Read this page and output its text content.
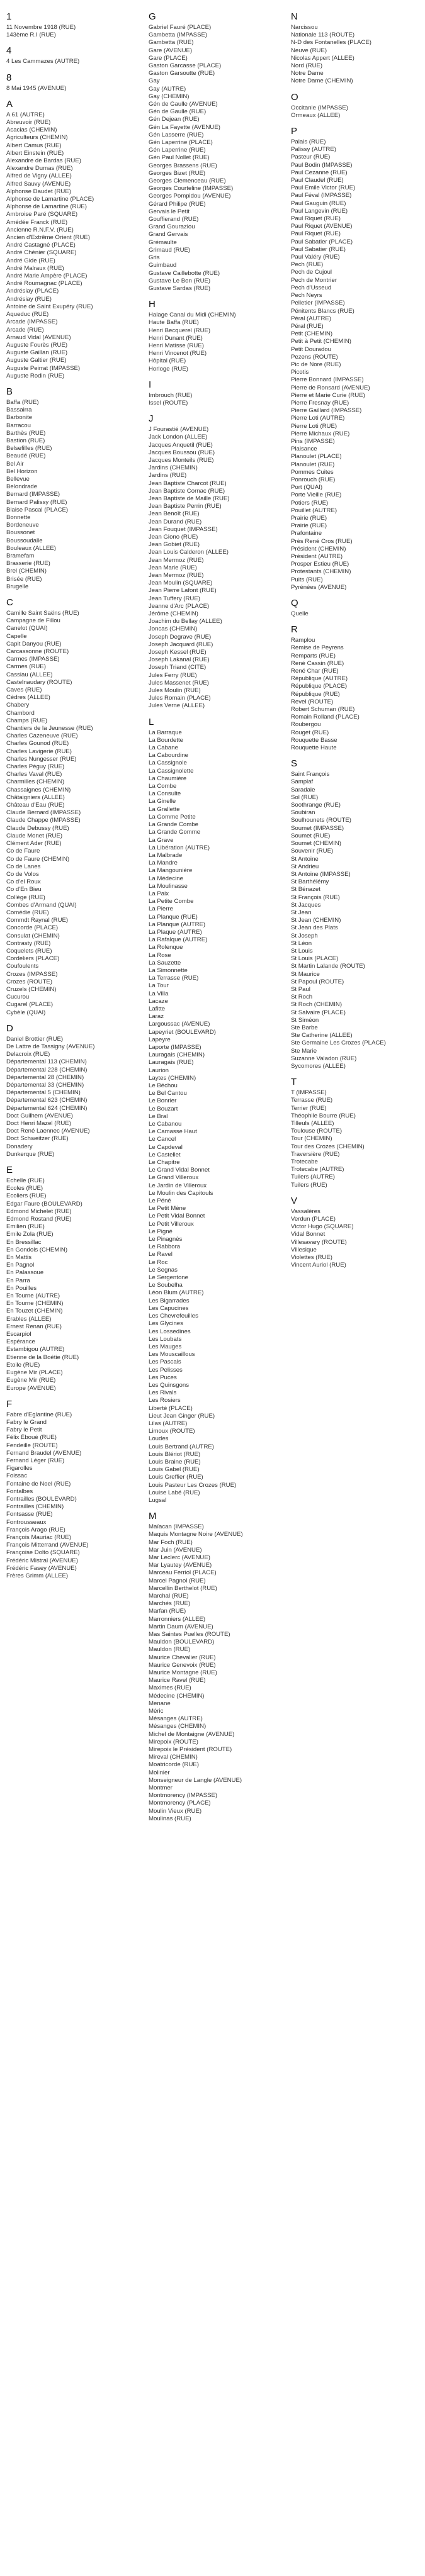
1
11 Novembre 1918 (RUE)
143ème R.I (RUE)
4
4 Les Cammazes (AUTRE)
8
8 Mai 1945 (AVENUE)
A
A 61 (AUTRE)
Abreuvoir (RUE)
Acacias (CHEMIN)
Agriculteurs (CHEMIN)
Albert Camus (RUE)
Albert Einstein (RUE)
Alexandre de Bardas (RUE)
Alexandre Dumas (RUE)
Alfred de Vigny (ALLEE)
Alfred Sauvy (AVENUE)
Alphonse Daudet (RUE)
Alphonse de Lamartine (PLACE)
Alphonse de Lamartine (RUE)
Ambroise Paré (SQUARE)
Amédée Franck (RUE)
Ancienne R.N.F.V. (RUE)
Ancien d'Extrême Orient (RUE)
André Castagné (PLACE)
André Chénier (SQUARE)
André Gide (RUE)
André Malraux (RUE)
André Marie Ampère (PLACE)
André Roumagnac (PLACE)
Andrésiay (PLACE)
Andrésiay (RUE)
Antoine de Saint Exupéry (RUE)
Aqueduc (RUE)
Arcade (IMPASSE)
Arcade (RUE)
Arnaud Vidal (AVENUE)
Auguste Fourès (RUE)
Auguste Gaillan (RUE)
Auguste Galtier (RUE)
Auguste Peirrat (IMPASSE)
Auguste Rodin (RUE)
B
Baffa (RUE)
Bassairra
Barbonite
Barracou
Barthès (RUE)
Bastion (RUE)
Belsefilles (RUE)
Beaudé (RUE)
Bel Air
Bel Horizon
Bellevue
Belondrade
Bernard (IMPASSE)
Bernard Palissy (RUE)
Blaise Pascal (PLACE)
Bonnette
Bordeneuve
Boussonet
Boussoudalle
Bouleaux (ALLEE)
Bramefam
Brasserie (RUE)
Brel (CHEMIN)
Brisée (RUE)
Brugelle
C
Camille Saint Saëns (RUE)
Campagne de Fillou
Canelot (QUAI)
Capelle
Capit Danyou (RUE)
Carcassonne (ROUTE)
Carmes (IMPASSE)
Carmes (RUE)
Cassiau (ALLEE)
Castelnaudary (ROUTE)
Caves (RUE)
Cèdres (ALLEE)
Chabery
Chambord
Champs (RUE)
Chantiers de la Jeunesse (RUE)
Charles Cazeneuve (RUE)
Charles Gounod (RUE)
Charles Lavigerie (RUE)
Charles Nungesser (RUE)
Charles Péguy (RUE)
Charles Vaval (RUE)
Charmilles (CHEMIN)
Chassaignes (CHEMIN)
Châtaigniers (ALLEE)
Château d'Eau (RUE)
Claude Bernard (IMPASSE)
Claude Chappe (IMPASSE)
Claude Debussy (RUE)
Claude Monet (RUE)
Clément Ader (RUE)
Co de Faure
Co de Faure (CHEMIN)
Co de Lanes
Co de Volos
Co d'el Roux
Co d'En Bieu
Collège (RUE)
Combes d'Armand (QUAI)
Comédie (RUE)
Commdt Raynal (RUE)
Concorde (PLACE)
Consulat (CHEMIN)
Contrasty (RUE)
Coquelets (RUE)
Cordeliers (PLACE)
Coufoulents
Crozes (IMPASSE)
Crozes (ROUTE)
Cruzels (CHEMIN)
Cucurou
Cugarel (PLACE)
Cybèle (QUAI)
D
Daniel Brottier (RUE)
De Lattre de Tassigny (AVENUE)
Delacroix (RUE)
Départemental 113 (CHEMIN)
Départemental 228 (CHEMIN)
Départemental 28 (CHEMIN)
Départemental 33 (CHEMIN)
Départemental 5 (CHEMIN)
Départemental 623 (CHEMIN)
Départemental 624 (CHEMIN)
Doct Guilhem (AVENUE)
Doct Henri Mazel (RUE)
Doct René Laennec (AVENUE)
Doct Schweitzer (RUE)
Donadery
Dunkerque (RUE)
E
Echelle (RUE)
Ecoles (RUE)
Ecoliers (RUE)
Edgar Faure (BOULEVARD)
Edmond Michelet (RUE)
Edmond Rostand (RUE)
Emilien (RUE)
Emile Zola (RUE)
En Bressillac
En Gondols (CHEMIN)
En Mattis
En Pagnol
En Palassoue
En Parra
En Pouilles
En Tourne (AUTRE)
En Tourne (CHEMIN)
En Touzet (CHEMIN)
Erables (ALLEE)
Ernest Renan (RUE)
Escarpiol
Espérance
Estambigou (AUTRE)
Etienne de la Boétie (RUE)
Etoile (RUE)
Eugène Mir (PLACE)
Eugène Mir (RUE)
Europe (AVENUE)
F
Fabre d'Eglantine (RUE)
Fabry le Grand
Fabry le Petit
Félix Éboué (RUE)
Fendeille (ROUTE)
Fernand Braudel (AVENUE)
Fernand Léger (RUE)
Figarolles
Foissac
Fontaine de Noel (RUE)
Fontalbes
Fontrailles (BOULEVARD)
Fontrailles (CHEMIN)
Fontsasse (RUE)
Fontrousseaux
François Arago (RUE)
François Mauriac (RUE)
François Mitterrand (AVENUE)
Françoise Dolto (SQUARE)
Frédéric Mistral (AVENUE)
Frédéric Fasey (AVENUE)
Frères Grimm (ALLEE)
G
Gabriel Fauré (PLACE)
Gambetta (IMPASSE)
Gambetta (RUE)
Gare (AVENUE)
Gare (PLACE)
Gaston Garcasse (PLACE)
Gaston Garsoutte (RUE)
Gay
Gay (AUTRE)
Gay (CHEMIN)
Gén de Gaulle (AVENUE)
Gén de Gaulle (RUE)
Gén Dejean (RUE)
Gén La Fayette (AVENUE)
Gén Lasserre (RUE)
Gén Laperrine (PLACE)
Gén Laperrine (RUE)
Gén Paul Nollet (RUE)
Georges Brassens (RUE)
Georges Bizet (RUE)
Georges Clemenceau (RUE)
Georges Courteline (IMPASSE)
Georges Pompidou (AVENUE)
Gérard Philipe (RUE)
Gervais le Petit
Gouffierand (RUE)
Grand Gouraziou
Grand Gervais
Grémaulte
Grimaud (RUE)
Gris
Guimbaud
Gustave Caillebotte (RUE)
Gustave Le Bon (RUE)
Gustave Sardas (RUE)
H
Halage Canal du Midi (CHEMIN)
Haute Baffa (RUE)
Henri Becquerel (RUE)
Henri Dunant (RUE)
Henri Matisse (RUE)
Henri Vincenot (RUE)
Hôpital (RUE)
Horloge (RUE)
I
Imbrouch (RUE)
Issel (ROUTE)
J
J Fourastié (AVENUE)
Jack London (ALLEE)
Jacques Anquetil (RUE)
Jacques Boussou (RUE)
Jacques Monteils (RUE)
Jardins (CHEMIN)
Jardins (RUE)
Jean Baptiste Charcot (RUE)
Jean Baptiste Cornac (RUE)
Jean Baptiste de Maille (RUE)
Jean Baptiste Perrin (RUE)
Jean Benoît (RUE)
Jean Durand (RUE)
Jean Fouquet (IMPASSE)
Jean Giono (RUE)
Jean Gobiet (RUE)
Jean Louis Calderon (ALLEE)
Jean Mermoz (RUE)
Jean Marie (RUE)
Jean Mermoz (RUE)
Jean Moulin (SQUARE)
Jean Pierre Lafont (RUE)
Jean Tuffery (RUE)
Jeanne d'Arc (PLACE)
Jérôme (CHEMIN)
Joachim du Bellay (ALLEE)
Joncas (CHEMIN)
Joseph Degrave (RUE)
Joseph Jacquard (RUE)
Joseph Kessel (RUE)
Joseph Lakanal (RUE)
Joseph Triand (CITE)
Jules Ferry (RUE)
Jules Massenet (RUE)
Jules Moulin (RUE)
Jules Romain (PLACE)
Jules Verne (ALLEE)
L
La Barraque
La Bourdette
La Cabane
La Cabourdine
La Cassignole
La Cassignolette
La Chaumière
La Combe
La Consulte
La Ginelle
La Grallette
La Gomme Petite
La Grande Combe
La Grande Gomme
La Grave
La Libération (AUTRE)
La Malbrade
La Mandre
La Mangounière
La Médecine
La Moulinasse
La Paix
La Petite Combe
La Pierre
La Planque (RUE)
La Planque (AUTRE)
La Plaque (AUTRE)
La Rafalque (AUTRE)
La Rolenque
La Rose
La Sauzette
La Simonnette
La Terrasse (RUE)
La Tour
La Villa
Lacaze
Lafitte
Laraz
Largoussac (AVENUE)
Lapeyriet (BOULEVARD)
Lapeyre
Laporte (IMPASSE)
Lauragais (CHEMIN)
Lauragais (RUE)
Laurion
Laytes (CHEMIN)
Le Béchou
Le Bel Cantou
Le Bonrier
Le Bouzart
Le Bral
Le Cabanou
Le Camasse Haut
Le Cancel
Le Capdeval
Le Castellet
Le Chapitre
Le Grand Vidal Bonnet
Le Grand Villeroux
Le Jardin de Villeroux
Le Moulin des Capitouls
Le Péné
Le Petit Mène
Le Petit Vidal Bonnet
Le Petit Villeroux
Le Pigné
Le Pinagnès
Le Rabbora
Le Ravel
Le Roc
Le Segnas
Le Sergentone
Le Soubelha
Léon Blum (AUTRE)
Les Bigarrades
Les Capucines
Les Chevrefeuilles
Les Glycines
Les Lossedines
Les Loubats
Les Mauges
Les Mouscaillous
Les Pascals
Les Pelisses
Les Puces
Les Quinsgons
Les Rivals
Les Rosiers
Liberté (PLACE)
Lieut Jean Ginger (RUE)
Lilas (AUTRE)
Limoux (ROUTE)
Loudes
Louis Bertrand (AUTRE)
Louis Blériot (RUE)
Louis Braine (RUE)
Louis Gabel (RUE)
Louis Greffier (RUE)
Louis Pasteur Les Crozes (RUE)
Louise Labé (RUE)
Lugsal
M
Maïacan (IMPASSE)
Maquis Montagne Noire (AVENUE)
Mar Foch (RUE)
Mar Juin (AVENUE)
Mar Leclerc (AVENUE)
Mar Lyautey (AVENUE)
Marceau Ferriol (PLACE)
Marcel Pagnol (RUE)
Marcellin Berthelot (RUE)
Marchal (RUE)
Marchés (RUE)
Marfan (RUE)
Marronniers (ALLEE)
Martin Daum (AVENUE)
Mas Saintes Puelles (ROUTE)
Mauldon (BOULEVARD)
Mauldon (RUE)
Maurice Chevalier (RUE)
Maurice Genevoix (RUE)
Maurice Montagne (RUE)
Maurice Ravel (RUE)
Maximes (RUE)
Médecine (CHEMIN)
Menane
Méric
Mésanges (AUTRE)
Mésanges (CHEMIN)
Michel de Montaigne (AVENUE)
Mirepoix (ROUTE)
Mirepoix le Président (ROUTE)
Mireval (CHEMIN)
Moatricorde (RUE)
Molinier
Monseigneur de Langle (AVENUE)
Montmer
Montmorency (IMPASSE)
Montmorency (PLACE)
Moulin Vieux (RUE)
Moulinas (RUE)
N
Narcissou
Nationale 113 (ROUTE)
N-D des Fontanelles (PLACE)
Neuve (RUE)
Nicolas Appert (ALLEE)
Nord (RUE)
Notre Dame
Notre Dame (CHEMIN)
O
Occitanie (IMPASSE)
Ormeaux (ALLEE)
P
Palais (RUE)
Palissy (AUTRE)
Pasteur (RUE)
Paul Bodin (IMPASSE)
Paul Cezanne (RUE)
Paul Claudel (RUE)
Paul Emile Victor (RUE)
Paul Féval (IMPASSE)
Paul Gauguin (RUE)
Paul Langevin (RUE)
Paul Riquet (RUE)
Paul Riquet (AVENUE)
Paul Riquet (RUE)
Paul Sabatier (PLACE)
Paul Sabatier (RUE)
Paul Valéry (RUE)
Pech (RUE)
Pech de Cujoul
Pech de Montrier
Pech d'Usseud
Pech Neyrs
Pelletier (IMPASSE)
Pénitents Blancs (RUE)
Péral (AUTRE)
Péral (RUE)
Petit (CHEMIN)
Petit à Petit (CHEMIN)
Petit Douradou
Pezens (ROUTE)
Pic de Nore (RUE)
Picotis
Pierre Bonnard (IMPASSE)
Pierre de Ronsard (AVENUE)
Pierre et Marie Curie (RUE)
Pierre Fresnay (RUE)
Pierre Gaillard (IMPASSE)
Pierre Loti (AUTRE)
Pierre Loti (RUE)
Pierre Michaux (RUE)
Pins (IMPASSE)
Plaisance
Planoulet (PLACE)
Planoulet (RUE)
Pommes Cuites
Ponrouch (RUE)
Port (QUAI)
Porte Vieille (RUE)
Potiers (RUE)
Pouillet (AUTRE)
Prairie (RUE)
Prairie (RUE)
Prafontaine
Près René Cros (RUE)
Président (CHEMIN)
Président (AUTRE)
Prosper Estieu (RUE)
Protestants (CHEMIN)
Puits (RUE)
Pyrénées (AVENUE)
Q
Quelle
R
Ramplou
Remise de Peyrens
Remparts (RUE)
René Cassin (RUE)
René Char (RUE)
République (AUTRE)
République (PLACE)
République (RUE)
Revel (ROUTE)
Robert Schuman (RUE)
Romain Rolland (PLACE)
Roubergou
Rouget (RUE)
Rouquette Basse
Rouquette Haute
S
Saint François
Samplaf
Saradale
Sol (RUE)
Soothrange (RUE)
Soubiran
Soulhounets (ROUTE)
Soumet (IMPASSE)
Soumet (RUE)
Soumet (CHEMIN)
Souvenir (RUE)
St Antoine
St Andrieu
St Antoine (IMPASSE)
St Barthélémy
St Bénazet
St François (RUE)
St Jacques
St Jean
St Jean (CHEMIN)
St Jean des Plats
St Joseph
St Léon
St Louis
St Louis (PLACE)
St Martin Lalande (ROUTE)
St Maurice
St Papoul (ROUTE)
St Paul
St Roch
St Roch (CHEMIN)
St Salvaire (PLACE)
St Siméon
Ste Barbe
Ste Catherine (ALLEE)
Ste Germaine Les Crozes (PLACE)
Ste Marie
Suzanne Valadon (RUE)
Sycomores (ALLEE)
T
T (IMPASSE)
Terrasse (RUE)
Terrier (RUE)
Théophile Bourre (RUE)
Tilleuls (ALLEE)
Toulouse (ROUTE)
Tour (CHEMIN)
Tour des Crozes (CHEMIN)
Traversière (RUE)
Trotecabe
Trotecabe (AUTRE)
Tuilers (AUTRE)
Tuilers (RUE)
V
Vassalères
Verdun (PLACE)
Victor Hugo (SQUARE)
Vidal Bonnet
Villesavary (ROUTE)
Villesique
Violettes (RUE)
Vincent Auriol (RUE)
